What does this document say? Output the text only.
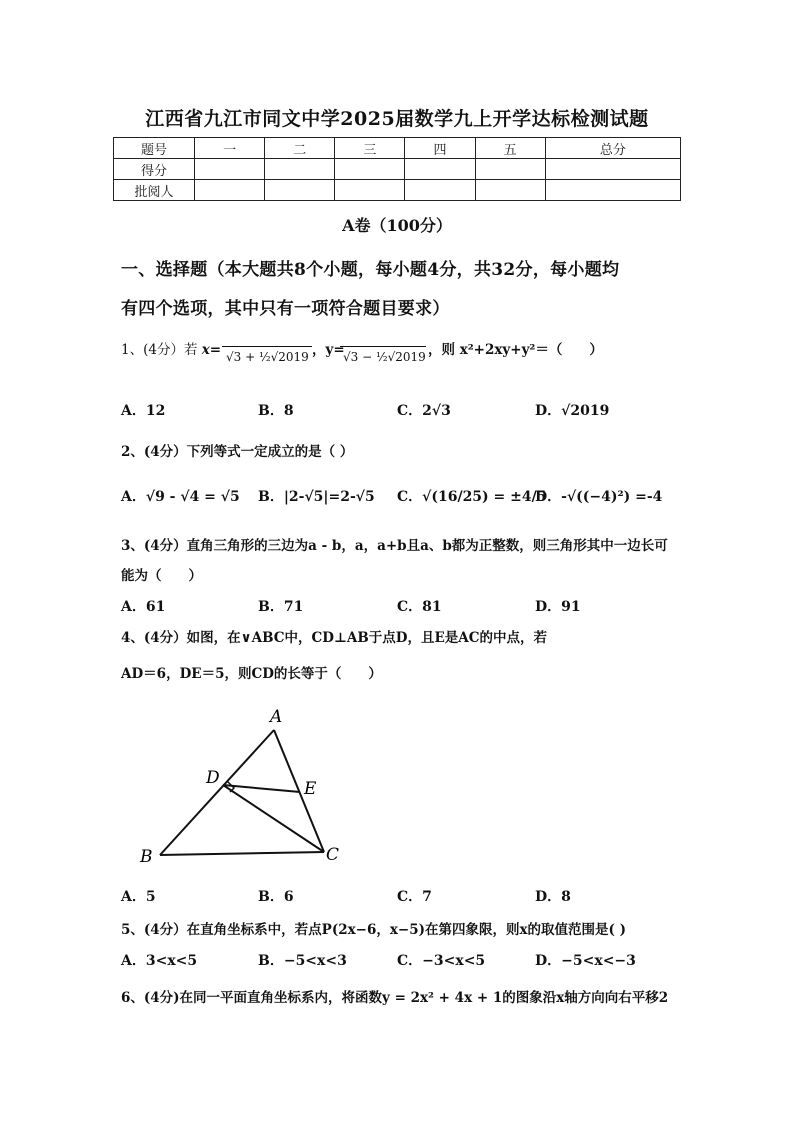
江西省九江市同文中学2025届数学九上开学达标检测试题
题号	一	二	三	四	五	总分
得分						
批阅人						
A卷（100分）
一、选择题（本大题共8个小题，每小题4分，共32分，每小题均
有四个选项，其中只有一项符合题目要求）
1、(4分）若 x= √3 + ½√2019 ，y=
√3 − ½√2019 ，则 x²+2xy+y²＝（　　）
A．12	B．8	C．2√3	D．√2019
2、(4分）下列等式一定成立的是（ ）
A．√9 - √4 = √5 B．|2-√5|=2-√5 C．√(16/25) = ±4/5
D．-√((−4)²) =-4
3、(4分）直角三角形的三边为a - b，a，a+b且a、b都为正整数，则三角形其中一边长可
能为（　　）
A．61	B．71	C．81	D．91
4、(4分）如图，在∨ABC中，CD⊥AB于点D，且E是AC的中点，若
AD＝6，DE＝5，则CD的长等于（　　）
A
D
E
B	C
A．5	B．6	C．7	D．8
5、(4分）在直角坐标系中，若点P(2x−6，x−5)在第四象限，则x的取值范围是( )
A．3<x<5	B．−5<x<3	C．−3<x<5	D．−5<x<−3
6、(4分)在同一平面直角坐标系内，将函数y = 2x² + 4x + 1的图象沿x轴方向向右平移2
